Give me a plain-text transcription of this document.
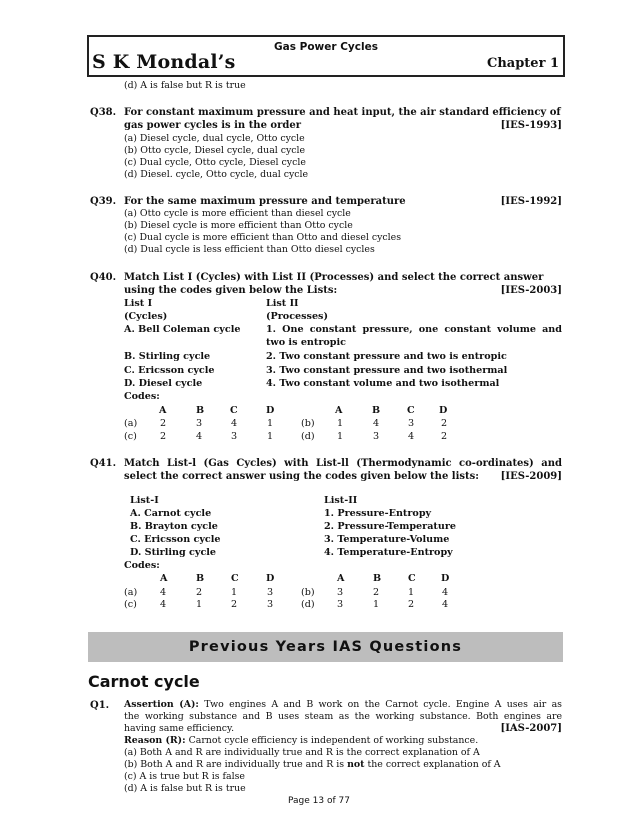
Gas Power Cycles
S K Mondal’s	Chapter 1
(d) A is false but R is true
Q38. For constant maximum pressure and heat input, the air standard efficiency of
gas power cycles is in the order	[IES-1993]
(a) Diesel cycle, dual cycle, Otto cycle
(b) Otto cycle, Diesel cycle, dual cycle
(c) Dual cycle, Otto cycle, Diesel cycle
(d) Diesel. cycle, Otto cycle, dual cycle
Q39. For the same maximum pressure and temperature	[IES-1992]
(a) Otto cycle is more efficient than diesel cycle
(b) Diesel cycle is more efficient than Otto cycle
(c) Dual cycle is more efficient than Otto and diesel cycles
(d) Dual cycle is less efficient than Otto diesel cycles
Q40. Match List I (Cycles) with List II (Processes) and select the correct answer
using the codes given below the Lists:	[IES-2003]
List I	List II
(Cycles)	(Processes)
A. Bell Coleman cycle	1. One constant pressure, one constant volume and
two is entropic
B. Stirling cycle	2. Two constant pressure and two is entropic
C. Ericsson cycle	3. Two constant pressure and two isothermal
D. Diesel cycle	4. Two constant volume and two isothermal
Codes:
A	B	C	D	A	B	C	D
(a) 2	3	4	1	(b) 1	4	3	2
(c) 2	4	3	1	(d) 1	3	4	2
Q41. Match List-l (Gas Cycles) with List-ll (Thermodynamic co-ordinates) and
select the correct answer using the codes given below the lists:	[IES-2009]
List-I	List-II
A. Carnot cycle	1. Pressure-Entropy
B. Brayton cycle	2. Pressure-Temperature
C. Ericsson cycle	3. Temperature-Volume
D. Stirling cycle	4. Temperature-Entropy
Codes:
A	B	C	D	A	B	C	D
(a) 4	2	1	3	(b) 3	2	1	4
(c) 4	1	2	3	(d) 3	1	2	4
Previous Years IAS Questions
Carnot cycle
Q1. Assertion (A): Two engines A and B work on the Carnot cycle. Engine A uses air as
the working substance and B uses steam as the working substance. Both engines are
having same efficiency.	[IAS-2007]
Reason (R): Carnot cycle efficiency is independent of working substance.
(a) Both A and R are individually true and R is the correct explanation of A
(b) Both A and R are individually true and R is not the correct explanation of A
(c) A is true but R is false
(d) A is false but R is true
Page 13 of 77
